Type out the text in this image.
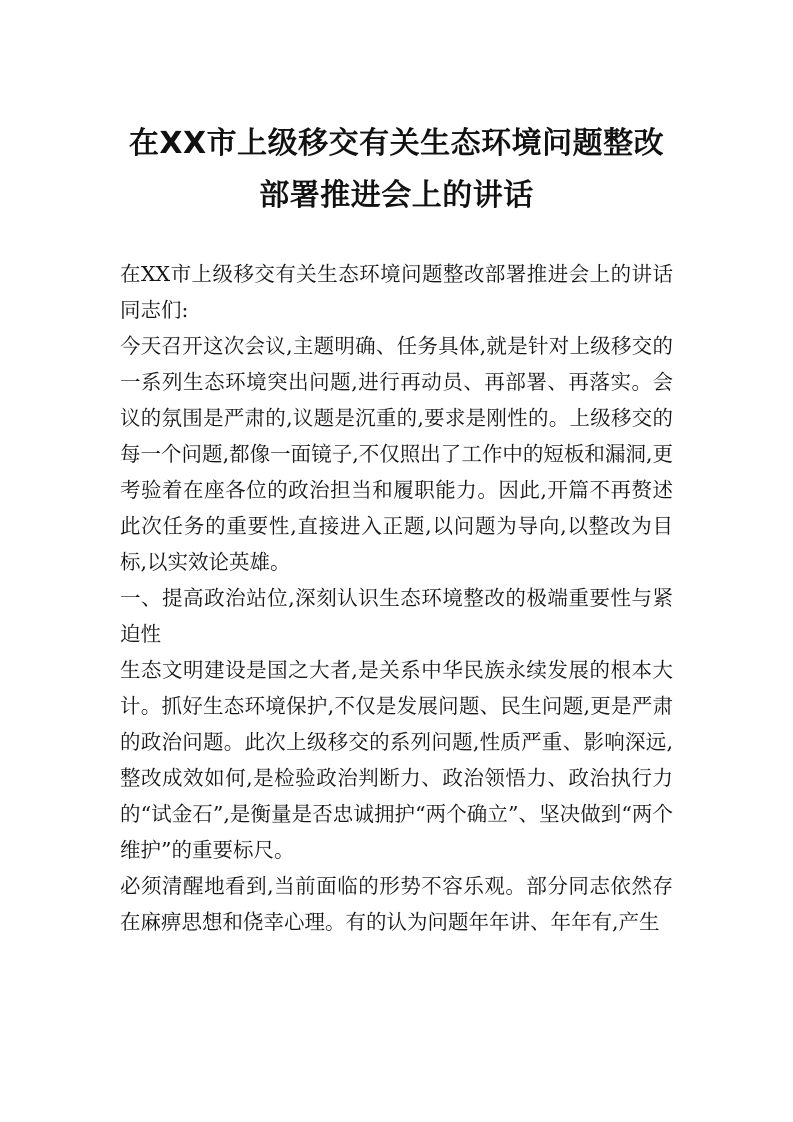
在XX市上级移交有关生态环境问题整改部署推进会上的讲话

在XX市上级移交有关生态环境问题整改部署推进会上的讲话同志们:

今天召开这次会议,主题明确、任务具体,就是针对上级移交的一系列生态环境突出问题,进行再动员、再部署、再落实。会议的氛围是严肃的,议题是沉重的,要求是刚性的。上级移交的每一个问题,都像一面镜子,不仅照出了工作中的短板和漏洞,更考验着在座各位的政治担当和履职能力。因此,开篇不再赘述此次任务的重要性,直接进入正题,以问题为导向,以整改为目标,以实效论英雄。

一、提高政治站位,深刻认识生态环境整改的极端重要性与紧迫性

生态文明建设是国之大者,是关系中华民族永续发展的根本大计。抓好生态环境保护,不仅是发展问题、民生问题,更是严肃的政治问题。此次上级移交的系列问题,性质严重、影响深远,整改成效如何,是检验政治判断力、政治领悟力、政治执行力的“试金石”,是衡量是否忠诚拥护“两个确立”、坚决做到“两个维护”的重要标尺。

必须清醒地看到,当前面临的形势不容乐观。部分同志依然存在麻痹思想和侥幸心理。有的认为问题年年讲、年年有,产生
